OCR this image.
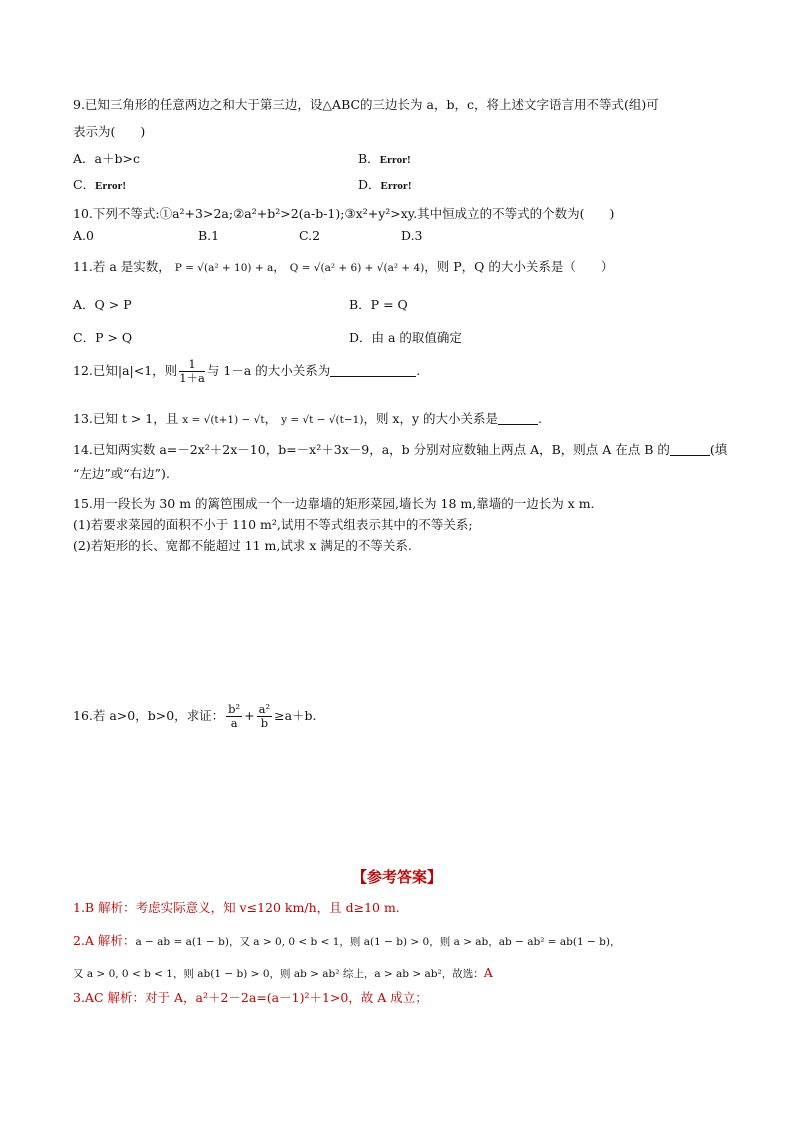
9.已知三角形的任意两边之和大于第三边，设△ABC的三边长为 a，b，c，将上述文字语言用不等式(组)可
表示为(　　)
A．a＋b>c	B．Error!
C．Error!	D．Error!
10.下列不等式:①a²+3>2a;②a²+b²>2(a-b-1);③x²+y²>xy.其中恒成立的不等式的个数为(　　)
A.0	B.1	C.2	D.3
11.若 a 是实数， P = √(a² + 10) + a， Q = √(a² + 6) + √(a² + 4)，则 P，Q 的大小关系是（　　）
A．Q > P	B．P = Q
C．P > Q	D．由 a 的取值确定
12.已知|a|<1，则 $\frac{1}{1+a}$ 与 1－a 的大小关系为	.
13.已知 t > 1，且 x = √(t+1) − √t， y = √t − √(t−1)，则 x，y 的大小关系是	.
14.已知两实数 a=－2x²＋2x－10，b=－x²＋3x－9，a，b 分别对应数轴上两点 A，B，则点 A 在点 B 的	(填
“左边”或“右边”).
15.用一段长为 30 m 的篱笆围成一个一边靠墙的矩形菜园,墙长为 18 m,靠墙的一边长为 x m.
(1)若要求菜园的面积不小于 110 m²,试用不等式组表示其中的不等关系;
(2)若矩形的长、宽都不能超过 11 m,试求 x 满足的不等关系.
16.若 a>0，b>0，求证： $\frac{\text{b²}}{a} + \frac{\text{a²}}{b} \ge a+b$.
【参考答案】
1.B 解析：考虑实际意义，知 v≤120 km/h，且 d≥10 m.
2.A 解析：a − ab = a(1 − b)，又 a > 0, 0 < b < 1，则 a(1 − b) > 0，则 a > ab，ab − ab² = ab(1 − b)，
又 a > 0, 0 < b < 1，则 ab(1 − b) > 0，则 ab > ab² 综上，a > ab > ab²，故选：A
3.AC 解析：对于 A，a²＋2－2a=(a－1)²＋1>0，故 A 成立；
